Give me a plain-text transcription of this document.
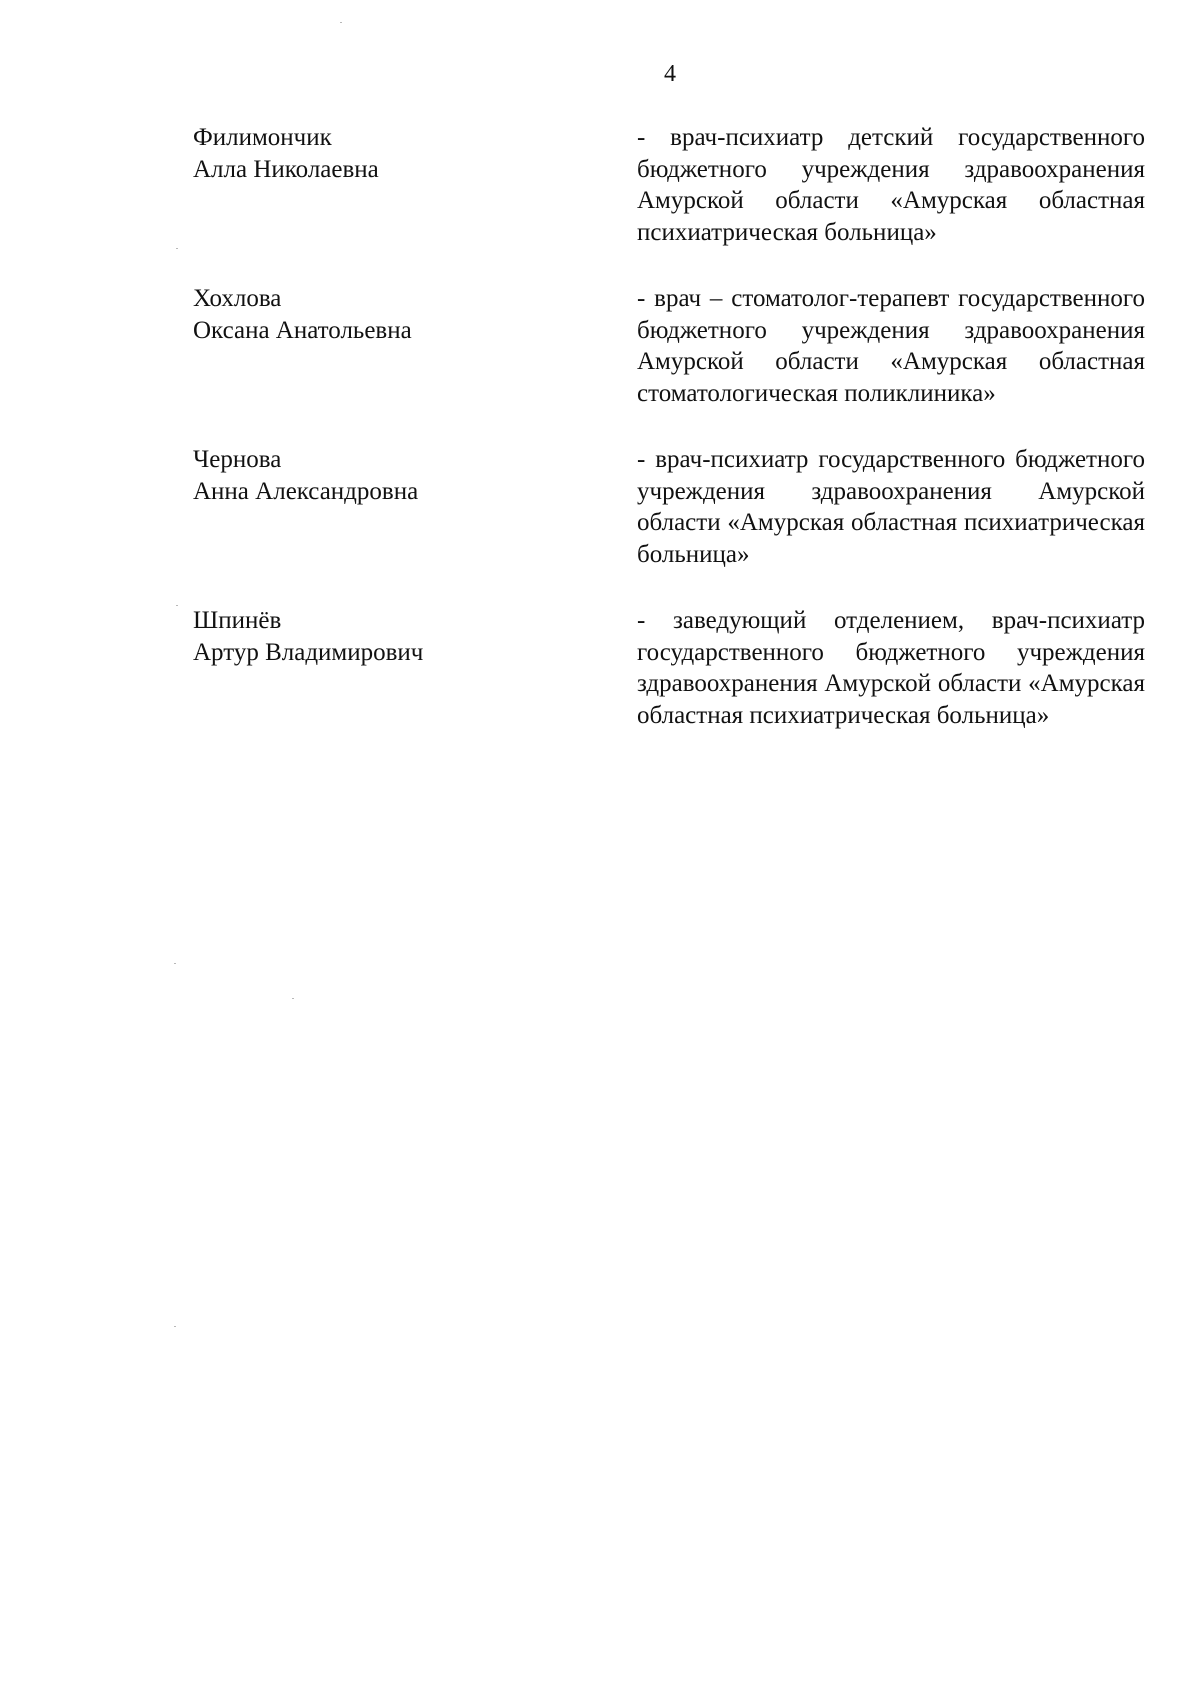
4
Филимончик
Алла Николаевна
- врач-психиатр детский государственного бюджетного учреждения здравоохранения Амурской области «Амурская областная психиатрическая больница»
Хохлова
Оксана Анатольевна
- врач – стоматолог-терапевт государственного бюджетного учреждения здравоохранения Амурской области «Амурская областная стоматологическая поликлиника»
Чернова
Анна Александровна
- врач-психиатр государственного бюджетного учреждения здравоохранения Амурской области «Амурская областная психиатрическая больница»
Шпинёв
Артур Владимирович
- заведующий отделением, врач-психиатр государственного бюджетного учреждения здравоохранения Амурской области «Амурская областная психиатрическая больница»
